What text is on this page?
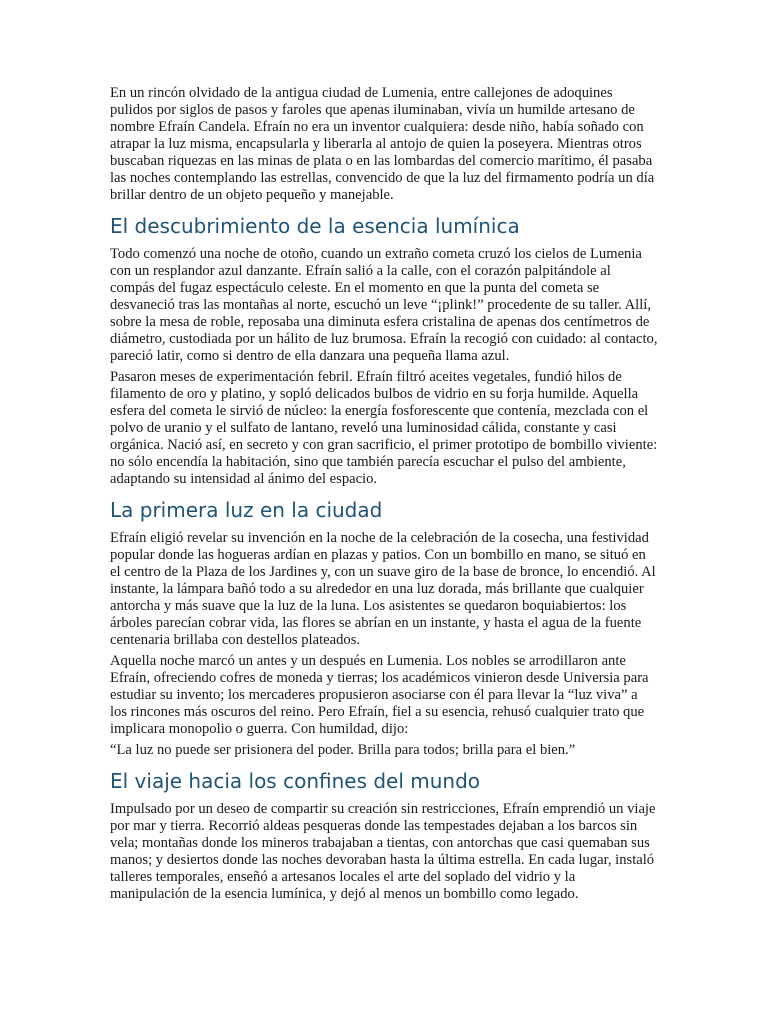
En un rincón olvidado de la antigua ciudad de Lumenia, entre callejones de adoquines pulidos por siglos de pasos y faroles que apenas iluminaban, vivía un humilde artesano de nombre Efraín Candela. Efraín no era un inventor cualquiera: desde niño, había soñado con atrapar la luz misma, encapsularla y liberarla al antojo de quien la poseyera. Mientras otros buscaban riquezas en las minas de plata o en las lombardas del comercio marítimo, él pasaba las noches contemplando las estrellas, convencido de que la luz del firmamento podría un día brillar dentro de un objeto pequeño y manejable.

El descubrimiento de la esencia lumínica

Todo comenzó una noche de otoño, cuando un extraño cometa cruzó los cielos de Lumenia con un resplandor azul danzante. Efraín salió a la calle, con el corazón palpitándole al compás del fugaz espectáculo celeste. En el momento en que la punta del cometa se desvaneció tras las montañas al norte, escuchó un leve “¡plink!” procedente de su taller. Allí, sobre la mesa de roble, reposaba una diminuta esfera cristalina de apenas dos centímetros de diámetro, custodiada por un hálito de luz brumosa. Efraín la recogió con cuidado: al contacto, pareció latir, como si dentro de ella danzara una pequeña llama azul.

Pasaron meses de experimentación febril. Efraín filtró aceites vegetales, fundió hilos de filamento de oro y platino, y sopló delicados bulbos de vidrio en su forja humilde. Aquella esfera del cometa le sirvió de núcleo: la energía fosforescente que contenía, mezclada con el polvo de uranio y el sulfato de lantano, reveló una luminosidad cálida, constante y casi orgánica. Nació así, en secreto y con gran sacrificio, el primer prototipo de bombillo viviente: no sólo encendía la habitación, sino que también parecía escuchar el pulso del ambiente, adaptando su intensidad al ánimo del espacio.

La primera luz en la ciudad

Efraín eligió revelar su invención en la noche de la celebración de la cosecha, una festividad popular donde las hogueras ardían en plazas y patios. Con un bombillo en mano, se situó en el centro de la Plaza de los Jardines y, con un suave giro de la base de bronce, lo encendió. Al instante, la lámpara bañó todo a su alrededor en una luz dorada, más brillante que cualquier antorcha y más suave que la luz de la luna. Los asistentes se quedaron boquiabiertos: los árboles parecían cobrar vida, las flores se abrían en un instante, y hasta el agua de la fuente centenaria brillaba con destellos plateados.

Aquella noche marcó un antes y un después en Lumenia. Los nobles se arrodillaron ante Efraín, ofreciendo cofres de moneda y tierras; los académicos vinieron desde Universia para estudiar su invento; los mercaderes propusieron asociarse con él para llevar la “luz viva” a los rincones más oscuros del reino. Pero Efraín, fiel a su esencia, rehusó cualquier trato que implicara monopolio o guerra. Con humildad, dijo:

“La luz no puede ser prisionera del poder. Brilla para todos; brilla para el bien.”

El viaje hacia los confines del mundo

Impulsado por un deseo de compartir su creación sin restricciones, Efraín emprendió un viaje por mar y tierra. Recorrió aldeas pesqueras donde las tempestades dejaban a los barcos sin vela; montañas donde los mineros trabajaban a tientas, con antorchas que casi quemaban sus manos; y desiertos donde las noches devoraban hasta la última estrella. En cada lugar, instaló talleres temporales, enseñó a artesanos locales el arte del soplado del vidrio y la manipulación de la esencia lumínica, y dejó al menos un bombillo como legado.
